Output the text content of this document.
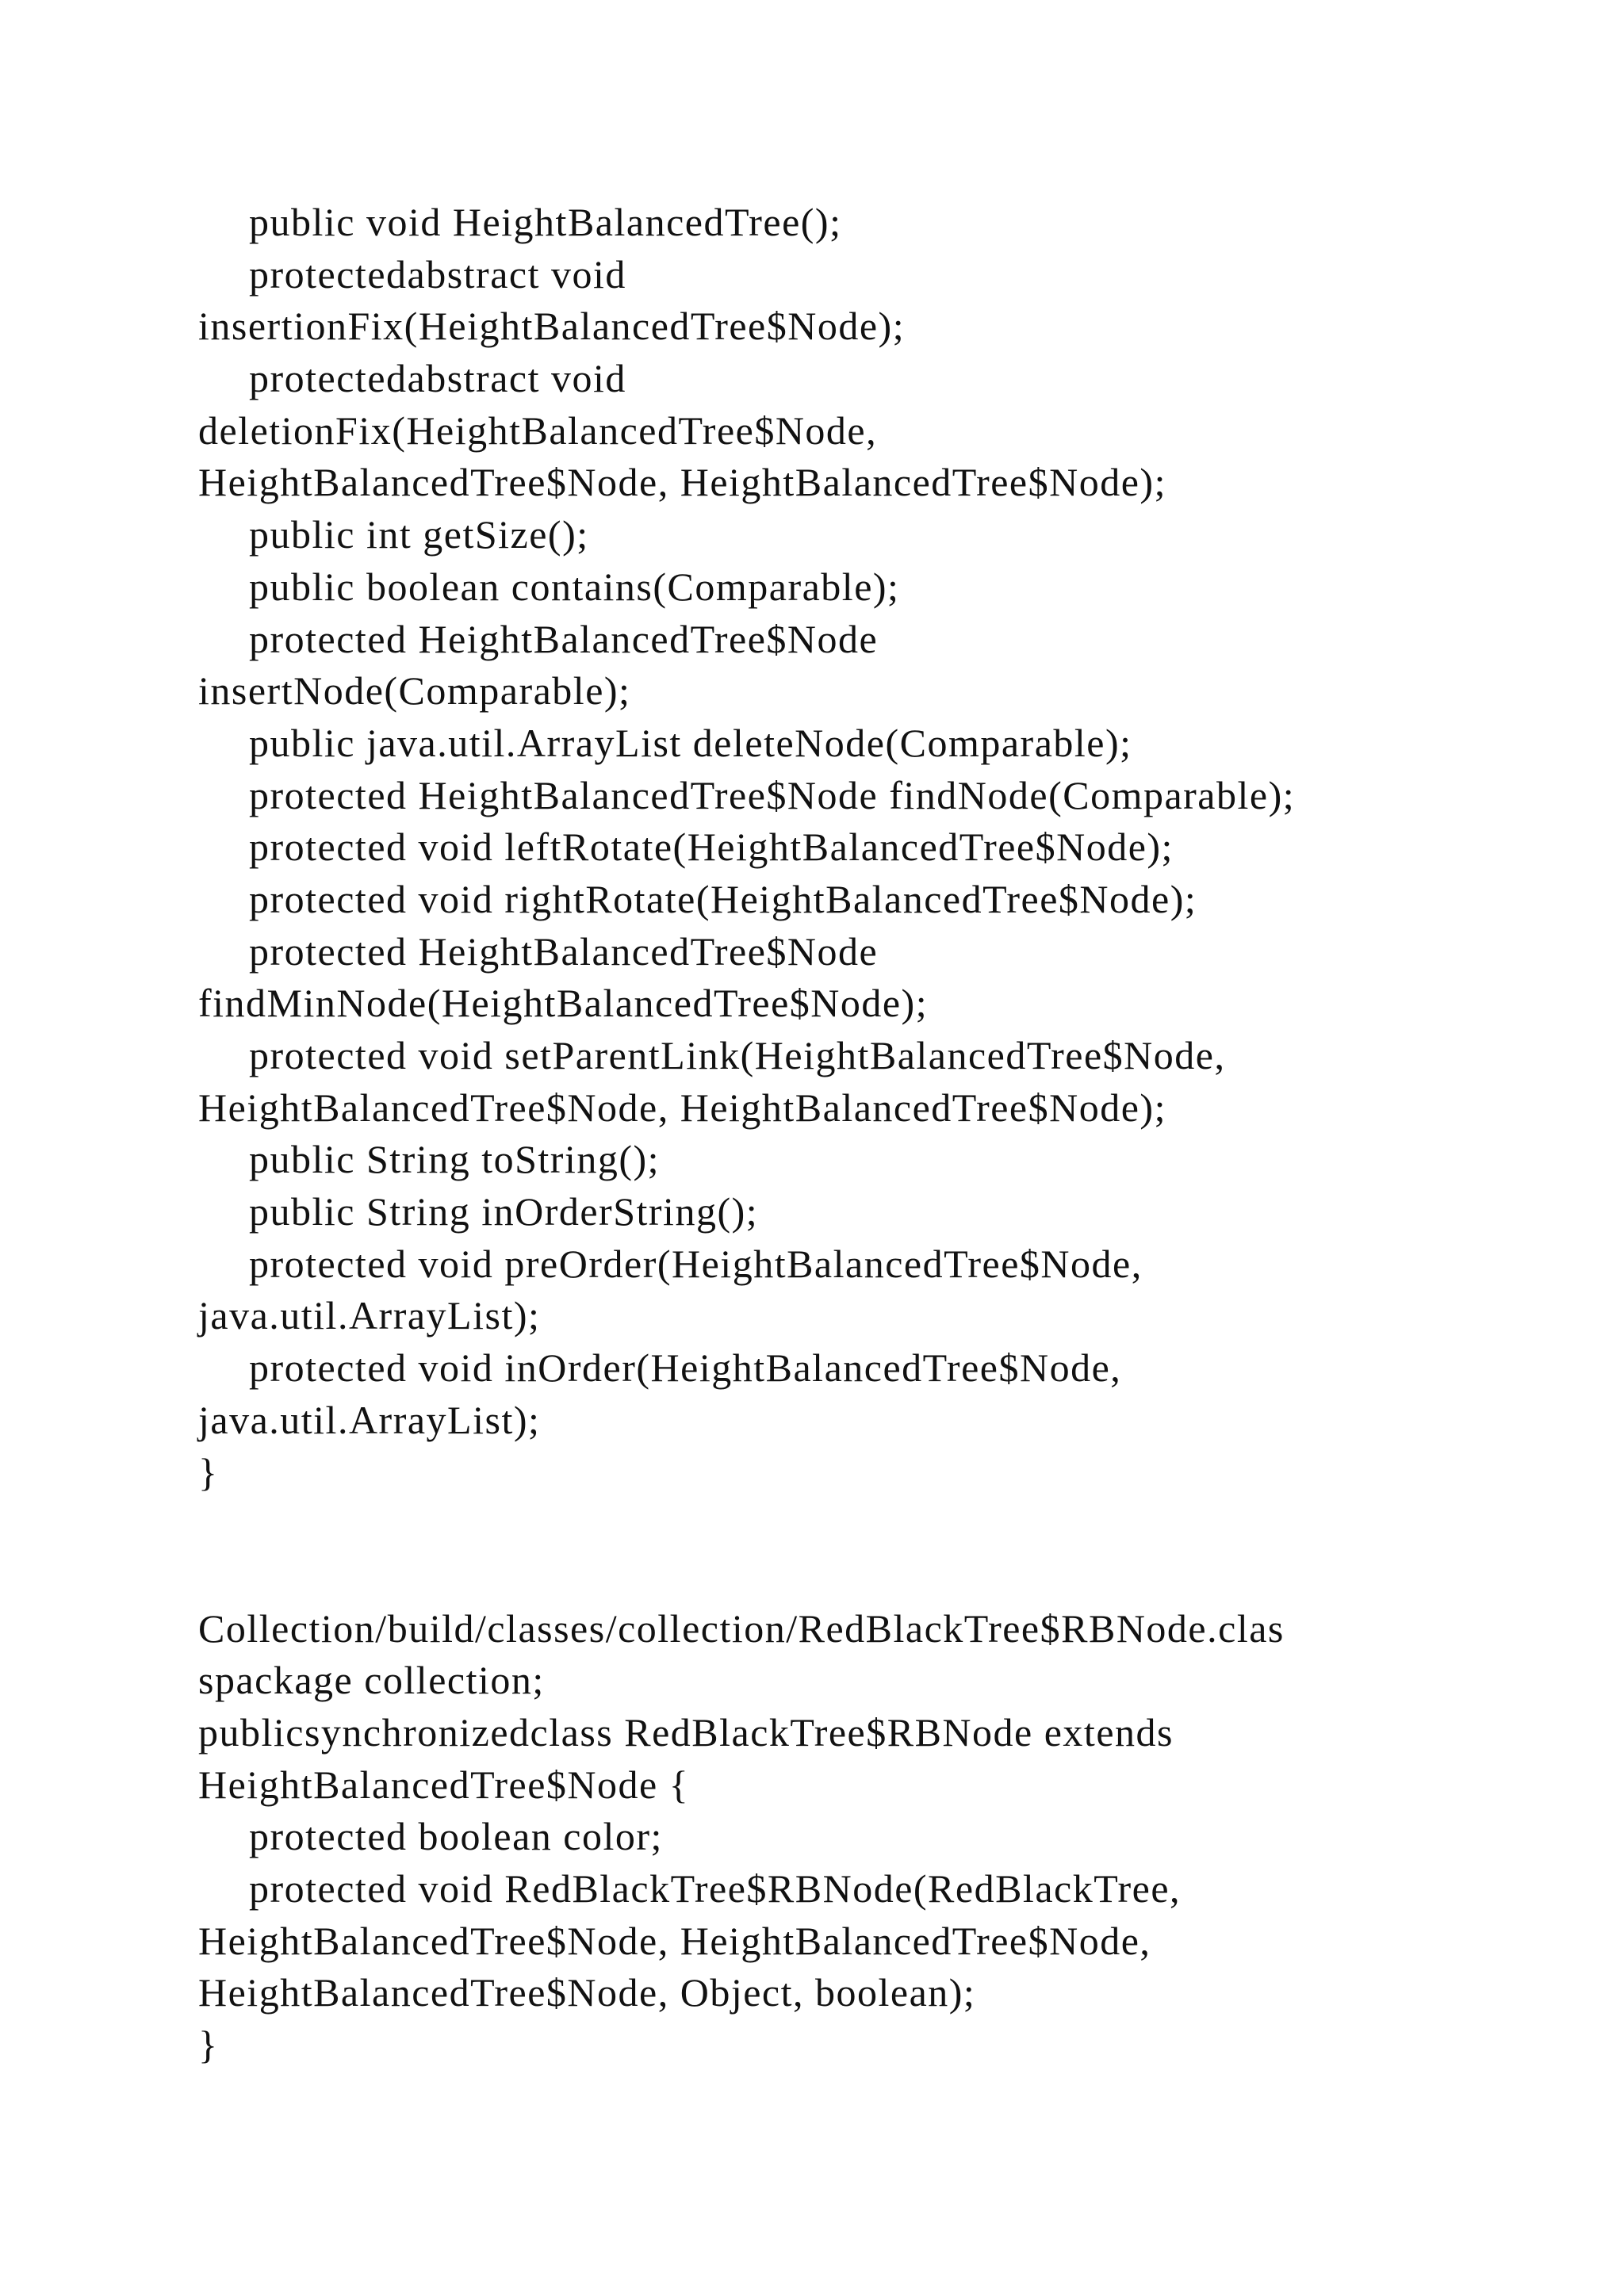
public void HeightBalancedTree();
protectedabstract void
insertionFix(HeightBalancedTree$Node);
protectedabstract void
deletionFix(HeightBalancedTree$Node,
HeightBalancedTree$Node, HeightBalancedTree$Node);
public int getSize();
public boolean contains(Comparable);
protected HeightBalancedTree$Node
insertNode(Comparable);
public java.util.ArrayList deleteNode(Comparable);
protected HeightBalancedTree$Node findNode(Comparable);
protected void leftRotate(HeightBalancedTree$Node);
protected void rightRotate(HeightBalancedTree$Node);
protected HeightBalancedTree$Node
findMinNode(HeightBalancedTree$Node);
protected void setParentLink(HeightBalancedTree$Node,
HeightBalancedTree$Node, HeightBalancedTree$Node);
public String toString();
public String inOrderString();
protected void preOrder(HeightBalancedTree$Node,
java.util.ArrayList);
protected void inOrder(HeightBalancedTree$Node,
java.util.ArrayList);
}
Collection/build/classes/collection/RedBlackTree$RBNode.clas
spackage collection;
publicsynchronizedclass RedBlackTree$RBNode extends
HeightBalancedTree$Node {
protected boolean color;
protected void RedBlackTree$RBNode(RedBlackTree,
HeightBalancedTree$Node, HeightBalancedTree$Node,
HeightBalancedTree$Node, Object, boolean);
}
